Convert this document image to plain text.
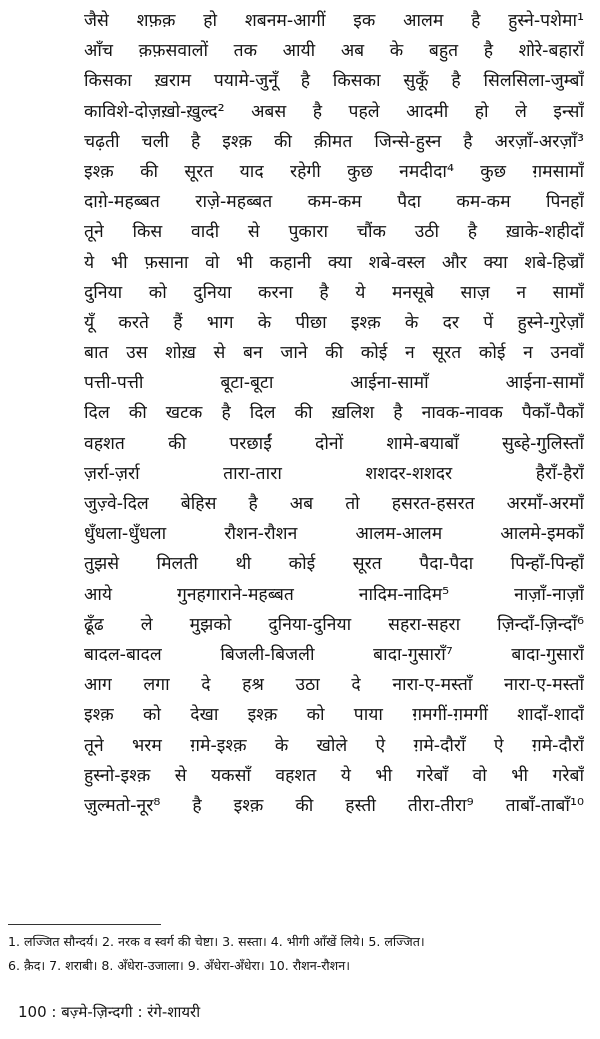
जैसे शफ़क़ हो शबनम-आगीं इक आलम है हुस्ने-पशेमा¹
आँच क़फ़सवालों तक आयी अब के बहुत है शोरे-बहाराँ
किसका ख़राम पयामे-जुनूँ है किसका सुकूँ है सिलसिला-जुम्बाँ
काविशे-दोज़ख़ो-ख़ुल्द² अबस है पहले आदमी हो ले इन्साँ
चढ़ती चली है इश्क़ की क़ीमत जिन्से-हुस्न है अरज़ाँ-अरज़ाँ³
इश्क़ की सूरत याद रहेगी कुछ नमदीदा⁴ कुछ ग़मसामाँ
दाग़े-महब्बत राज़े-महब्बत कम-कम पैदा कम-कम पिनहाँ
तूने किस वादी से पुकारा चौंक उठी है ख़ाके-शहीदाँ
ये भी फ़साना वो भी कहानी क्या शबे-वस्ल और क्या शबे-हिज्राँ
दुनिया को दुनिया करना है ये मनसूबे साज़ न सामाँ
यूँ करते हैं भाग के पीछा इश्क़ के दर पें हुस्ने-गुरेज़ाँ
बात उस शोख़ से बन जाने की कोई न सूरत कोई न उनवाँ
पत्ती-पत्ती बूटा-बूटा आईना-सामाँ आईना-सामाँ
दिल की खटक है दिल की ख़लिश है नावक-नावक पैकाँ-पैकाँ
वहशत की परछाईं दोनों शामे-बयाबाँ सुब्हे-गुलिस्ताँ
ज़र्रा-ज़र्रा तारा-तारा शशदर-शशदर हैराँ-हैराँ
जुज़्वे-दिल बेहिस है अब तो हसरत-हसरत अरमाँ-अरमाँ
धुँधला-धुँधला रौशन-रौशन आलम-आलम आलमे-इमकाँ
तुझसे मिलती थी कोई सूरत पैदा-पैदा पिन्हाँ-पिन्हाँ
आये गुनहगाराने-महब्बत नादिम-नादिम⁵ नाज़ाँ-नाज़ाँ
ढूँढ ले मुझको दुनिया-दुनिया सहरा-सहरा ज़िन्दाँ-ज़िन्दाँ⁶
बादल-बादल बिजली-बिजली बादा-गुसाराँ⁷ बादा-गुसाराँ
आग लगा दे हश्र उठा दे नारा-ए-मस्ताँ नारा-ए-मस्ताँ
इश्क़ को देखा इश्क़ को पाया ग़मगीं-ग़मगीं शादाँ-शादाँ
तूने भरम ग़मे-इश्क़ के खोले ऐ ग़मे-दौराँ ऐ ग़मे-दौराँ
हुस्नो-इश्क़ से यकसाँ वहशत ये भी गरेबाँ वो भी गरेबाँ
ज़ुल्मतो-नूर⁸ है इश्क़ की हस्ती तीरा-तीरा⁹ ताबाँ-ताबाँ¹⁰
1. लज्जित सौन्दर्य। 2. नरक व स्वर्ग की चेष्टा। 3. सस्ता। 4. भीगी आँखें लिये। 5. लज्जित।
6. क़ैद। 7. शराबी। 8. अँधेरा-उजाला। 9. अँधेरा-अँधेरा। 10. रौशन-रौशन।
100 : बज़्मे-ज़िन्दगी : रंगे-शायरी
